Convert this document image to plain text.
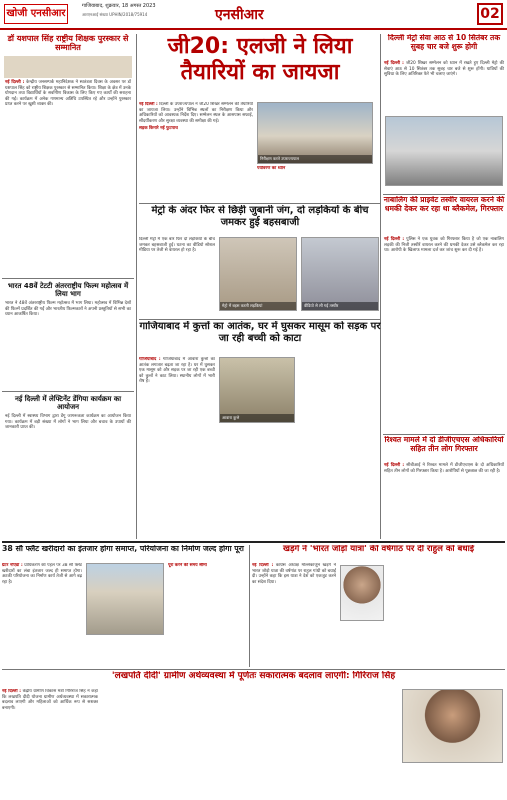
खोजी एनसीआर
गाजियाबाद, शुक्रवार, 18 अगस्त 2023
आरएनआई संख्या UPHIN/2018/75914	एनसीआर	02
डॉ यशपाल सिंह राष्ट्रीय शिक्षक पुरस्कार से सम्मानित

नई दिल्ली : केन्द्रीय जनसम्पर्क महानिदेशक ने स्वतंत्रता दिवस के अवसर पर डॉ यशपाल सिंह को राष्ट्रीय शिक्षक पुरस्कार से सम्मानित किया। शिक्षा के क्षेत्र में उनके योगदान तथा विद्यार्थियों के सर्वांगीण विकास के लिए किए गए कार्यों की सराहना की गई। कार्यक्रम में अनेक गणमान्य अतिथि उपस्थित रहे और उन्होंने पुरस्कार प्राप्त करने पर खुशी व्यक्त की।

भारत 48वें टेटटी अंतरराष्ट्रीय फिल्म महोत्सव में लिया भाग
भारत ने 48वें अंतरराष्ट्रीय फिल्म महोत्सव में भाग लिया। महोत्सव में विभिन्न देशों की फिल्में प्रदर्शित की गईं और भारतीय फिल्मकारों ने अपनी प्रस्तुतियों से सभी का ध्यान आकर्षित किया।
नई दिल्ली में लेफ्टिनेंट डेंगिया कार्यक्रम का आयोजन
नई दिल्ली में स्वास्थ्य विभाग द्वारा डेंगू जागरूकता कार्यक्रम का आयोजन किया गया। कार्यक्रम में बड़ी संख्या में लोगों ने भाग लिया और बचाव के उपायों की जानकारी प्राप्त की।
जी20: एलजी ने लिया
तैयारियों का जायजा

नई दिल्ली : दिल्ली के उपराज्यपाल ने जी20 शिखर सम्मेलन की तैयारियों का जायजा लिया। उन्होंने विभिन्न स्थलों का निरीक्षण किया और अधिकारियों को आवश्यक निर्देश दिए। सम्मेलन स्थल के आसपास सफाई, सौंदर्यीकरण और सुरक्षा व्यवस्था की समीक्षा की गई।

सड़क किनारे नई फुटपाथ

निरीक्षण करते उपराज्यपाल
पर्यावरण का ध्यान
दिल्ली मेट्रो सेवा आठ से 10 सितंबर तक सुबह चार बजे शुरू होगी

नई दिल्ली : जी20 शिखर सम्मेलन को ध्यान में रखते हुए दिल्ली मेट्रो की सेवाएं आठ से 10 सितंबर तक सुबह चार बजे से शुरू होंगी। यात्रियों की सुविधा के लिए अतिरिक्त फेरे भी चलाए जाएंगे।

मेट्रो के अंदर फिर से छिड़ी जुबानी जंग, दो लड़कियों के बीच जमकर हुई बहसबाजी
दिल्ली मेट्रो में एक बार फिर दो लड़कियों के बीच जमकर बहसबाजी हुई। घटना का वीडियो सोशल मीडिया पर तेजी से वायरल हो रहा है।
मेट्रो में बहस करती लड़कियां	वीडियो से ली गई तस्वीर
नाबालिग की प्राइवेट तस्वीर वायरल करने की धमकी देकर कर रहा था ब्लैकमेल, गिरफ्तार

नई दिल्ली : पुलिस ने एक युवक को गिरफ्तार किया है जो एक नाबालिग लड़की की निजी तस्वीरें वायरल करने की धमकी देकर उसे ब्लैकमेल कर रहा था। आरोपी के खिलाफ मामला दर्ज कर जांच शुरू कर दी गई है।

रिश्वत मामले में दो डीजीएचएस अधिकारियों सहित तीन लोग गिरफ्तार

नई दिल्ली : सीबीआई ने रिश्वत मामले में डीजीएचएस के दो अधिकारियों सहित तीन लोगों को गिरफ्तार किया है। आरोपियों से पूछताछ की जा रही है।

गाजियाबाद में कुत्तों का आतंक, घर में घुसकर मासूम को सड़क पर जा रही बच्ची को काटा

गाजियाबाद : गाजियाबाद में आवारा कुत्तों का आतंक लगातार बढ़ता जा रहा है। घर में घुसकर एक मासूम को और सड़क पर जा रही एक बच्ची को कुत्तों ने काट लिया। स्थानीय लोगों में भारी रोष है।

आवारा कुत्ते
38 सौ फ्लैट खरीदारों का इंतजार होगा समाप्त, परियोजना का निर्माण जल्द होगा पूरा

ग्रेटर नोएडा : प्राधिकरण की पहल पर 38 सौ फ्लैट खरीदारों का लंबा इंतजार जल्द ही समाप्त होगा। अटकी परियोजना का निर्माण कार्य तेजी से आगे बढ़ रहा है।

पूरा करने की समय सीमा

खड़गे ने 'भारत जोड़ो यात्रा' की वर्षगांठ पर दी राहुल को बधाई

नई दिल्ली : कांग्रेस अध्यक्ष मल्लिकार्जुन खड़गे ने भारत जोड़ो यात्रा की वर्षगांठ पर राहुल गांधी को बधाई दी। उन्होंने कहा कि इस यात्रा ने देश को एकजुट करने का संदेश दिया।

'लखपति दीदी' ग्रामीण अर्थव्यवस्था में पूर्णतः सकारात्मक बदलाव लाएगी: गिरिराज सिंह

नई दिल्ली : केंद्रीय ग्रामीण विकास मंत्री गिरिराज सिंह ने कहा कि लखपति दीदी योजना ग्रामीण अर्थव्यवस्था में सकारात्मक बदलाव लाएगी और महिलाओं को आर्थिक रूप से सशक्त बनाएगी।
